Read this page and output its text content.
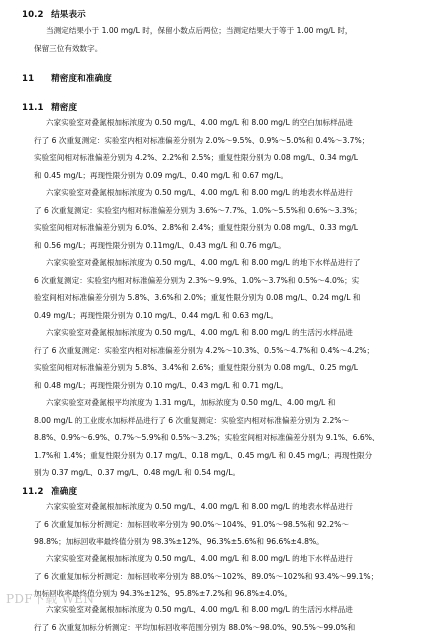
10.2 结果表示
当测定结果小于 1.00 mg/L 时，保留小数点后两位；当测定结果大于等于 1.00 mg/L 时，
保留三位有效数字。
11 精密度和准确度
11.1 精密度
六家实验室对叠氮根加标浓度为 0.50 mg/L、4.00 mg/L 和 8.00 mg/L 的空白加标样品进
行了 6 次重复测定：实验室内相对标准偏差分别为 2.0%～9.5%、0.9%～5.0%和 0.4%～3.7%；
实验室间相对标准偏差分别为 4.2%、2.2%和 2.5%；重复性限分别为 0.08 mg/L、0.34 mg/L
和 0.45 mg/L；再现性限分别为 0.09 mg/L、0.40 mg/L 和 0.67 mg/L。
六家实验室对叠氮根加标浓度为 0.50 mg/L、4.00 mg/L 和 8.00 mg/L 的地表水样品进行
了 6 次重复测定：实验室内相对标准偏差分别为 3.6%～7.7%、1.0%～5.5%和 0.6%～3.3%；
实验室间相对标准偏差分别为 6.0%、2.8%和 2.4%；重复性限分别为 0.08 mg/L、0.33 mg/L
和 0.56 mg/L；再现性限分别为 0.11mg/L、0.43 mg/L 和 0.76 mg/L。
六家实验室对叠氮根加标浓度为 0.50 mg/L、4.00 mg/L 和 8.00 mg/L 的地下水样品进行了
6 次重复测定：实验室内相对标准偏差分别为 2.3%～9.9%、1.0%～3.7%和 0.5%～4.0%；实
验室间相对标准偏差分别为 5.8%、3.6%和 2.0%；重复性限分别为 0.08 mg/L、0.24 mg/L 和
0.49 mg/L；再现性限分别为 0.10 mg/L、0.44 mg/L 和 0.63 mg/L。
六家实验室对叠氮根加标浓度为 0.50 mg/L、4.00 mg/L 和 8.00 mg/L 的生活污水样品进
行了 6 次重复测定：实验室内相对标准偏差分别为 4.2%～10.3%、0.5%～4.7%和 0.4%～4.2%；
实验室间相对标准偏差分别为 5.8%、3.4%和 2.6%；重复性限分别为 0.08 mg/L、0.25 mg/L
和 0.48 mg/L；再现性限分别为 0.10 mg/L、0.43 mg/L 和 0.71 mg/L。
六家实验室对叠氮根平均浓度为 1.31 mg/L，加标浓度为 0.50 mg/L、4.00 mg/L 和
8.00 mg/L 的工业废水加标样品进行了 6 次重复测定：实验室内相对标准偏差分别为 2.2%～
8.8%、0.9%～6.9%、0.7%～5.9%和 0.5%～3.2%；实验室间相对标准偏差分别为 9.1%、6.6%、
1.7%和 1.4%；重复性限分别为 0.17 mg/L、0.18 mg/L、0.45 mg/L 和 0.45 mg/L；再现性限分
别为 0.37 mg/L、0.37 mg/L、0.48 mg/L 和 0.54 mg/L。
11.2 准确度
六家实验室对叠氮根加标浓度为 0.50 mg/L、4.00 mg/L 和 8.00 mg/L 的地表水样品进行
了 6 次重复加标分析测定：加标回收率分别为 90.0%～104%、91.0%～98.5%和 92.2%～
98.8%；加标回收率最终值分别为 98.3%±12%、96.3%±5.6%和 96.6%±4.8%。
六家实验室对叠氮根加标浓度为 0.50 mg/L、4.00 mg/L 和 8.00 mg/L 的地下水样品进行
了 6 次重复加标分析测定：加标回收率分别为 88.0%～102%、89.0%～102%和 93.4%～99.1%；
加标回收率最终值分别为 94.3%±12%、95.8%±7.2%和 96.8%±4.0%。
六家实验室对叠氮根加标浓度为 0.50 mg/L、4.00 mg/L 和 8.00 mg/L 的生活污水样品进
行了 6 次重复加标分析测定：平均加标回收率范围分别为 88.0%～98.0%、90.5%～99.0%和
PDF下载 WEN
